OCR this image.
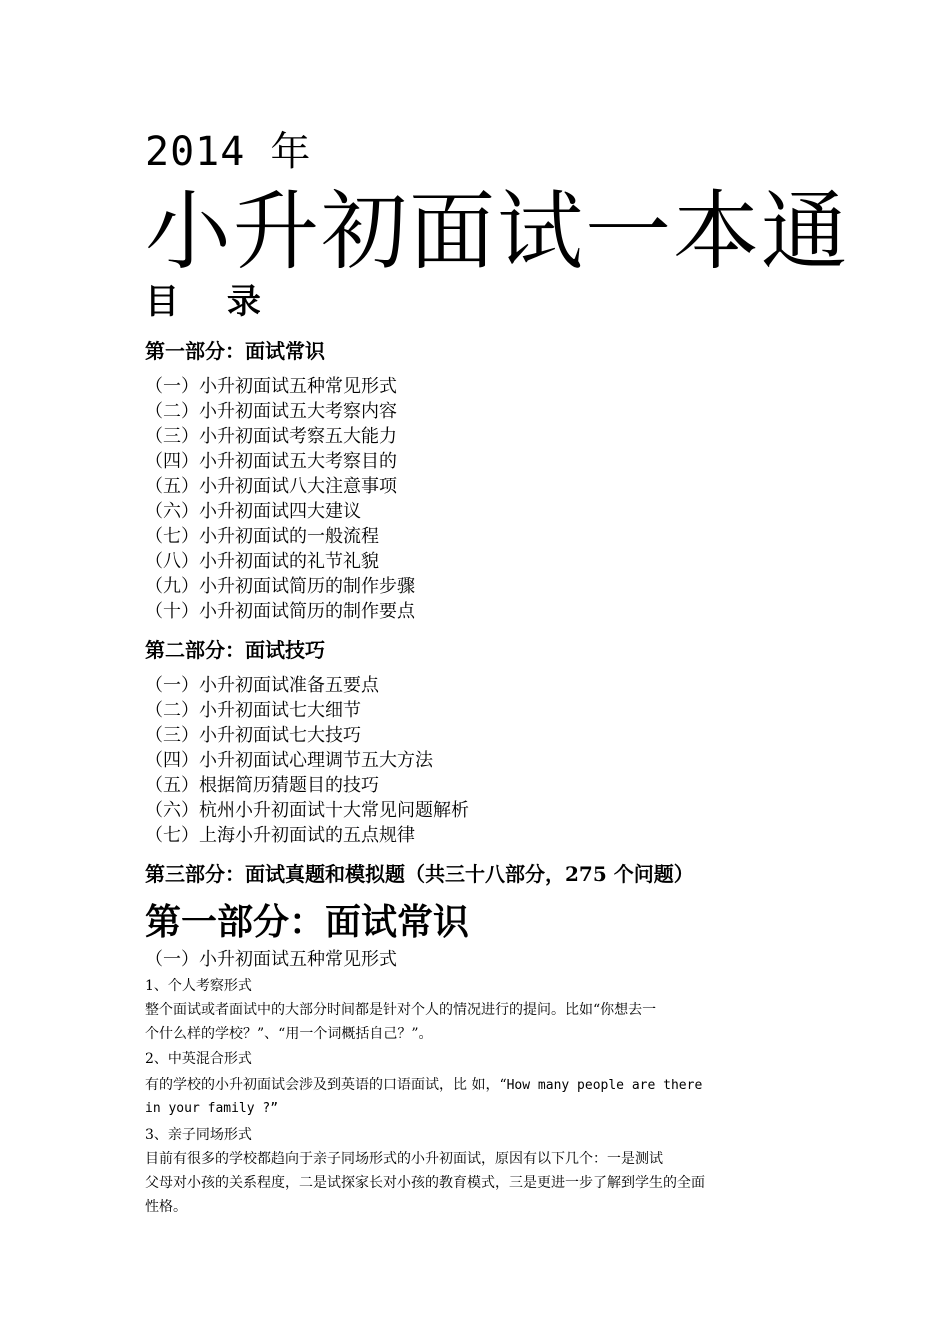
2014 年
小升初面试一本通
目 录
第一部分：面试常识
（一）小升初面试五种常见形式
（二）小升初面试五大考察内容
（三）小升初面试考察五大能力
（四）小升初面试五大考察目的
（五）小升初面试八大注意事项
（六）小升初面试四大建议
（七）小升初面试的一般流程
（八）小升初面试的礼节礼貌
（九）小升初面试简历的制作步骤
（十）小升初面试简历的制作要点
第二部分：面试技巧
（一）小升初面试准备五要点
（二）小升初面试七大细节
（三）小升初面试七大技巧
（四）小升初面试心理调节五大方法
（五）根据简历猜题目的技巧
（六）杭州小升初面试十大常见问题解析
（七）上海小升初面试的五点规律
第三部分：面试真题和模拟题（共三十八部分，275 个问题）
第一部分：面试常识
（一）小升初面试五种常见形式
1、个人考察形式
整个面试或者面试中的大部分时间都是针对个人的情况进行的提问。比如“你想去一
个什么样的学校？”、“用一个词概括自己？”。
2、中英混合形式
有的学校的小升初面试会涉及到英语的口语面试，比 如，“How many people are there
in your family ?”
3、亲子同场形式
目前有很多的学校都趋向于亲子同场形式的小升初面试，原因有以下几个：一是测试
父母对小孩的关系程度，二是试探家长对小孩的教育模式，三是更进一步了解到学生的全面
性格。
